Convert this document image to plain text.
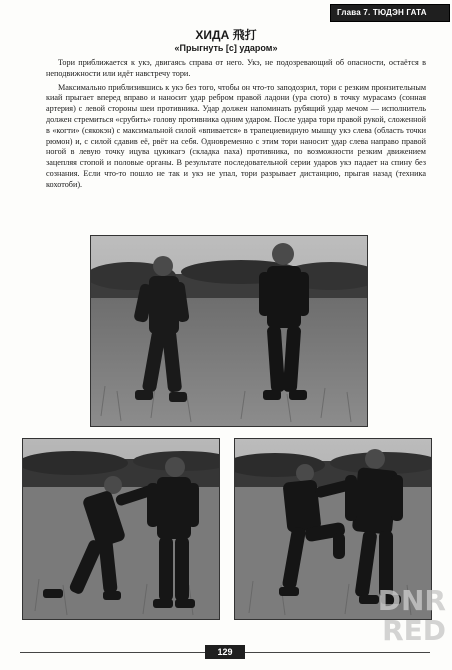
Глава 7. ТЮДЭН ГАТА
ХИДА 飛打
«Прыгнуть [с] ударом»

Тори приближается к укэ, двигаясь справа от него. Укэ, не подозревающий об опасности, остаётся в неподвижности или идёт навстречу тори.

Максимально приблизившись к укэ без того, чтобы он что-то заподозрил, тори с резким пронзительным киай прыгает вперед вправо и наносит удар ребром правой ладони (ура сюто) в точку мурасамэ (сонная артерия) с левой стороны шеи противника. Удар должен напоминать рубящий удар мечом — исполнитель должен стремиться «срубить» голову противника одним ударом. После удара тори правой рукой, сложенной в «когти» (сякокэн) с максимальной силой «впивается» в трапециевидную мышцу укэ слева (область точки рюмон) и, с силой сдавив её, рвёт на себя. Одновременно с этим тори наносит удар слева направо правой ногой в левую точку ицува цукикагэ (складка паха) противника, по возможности резким движением зацепляя стопой и половые органы. В результате последовательной серии ударов укэ падает на спину без сознания. Если что-то пошло не так и укэ не упал, тори разрывает дистанцию, прыгая назад (техника кохотоби).

129
DNR
RED
